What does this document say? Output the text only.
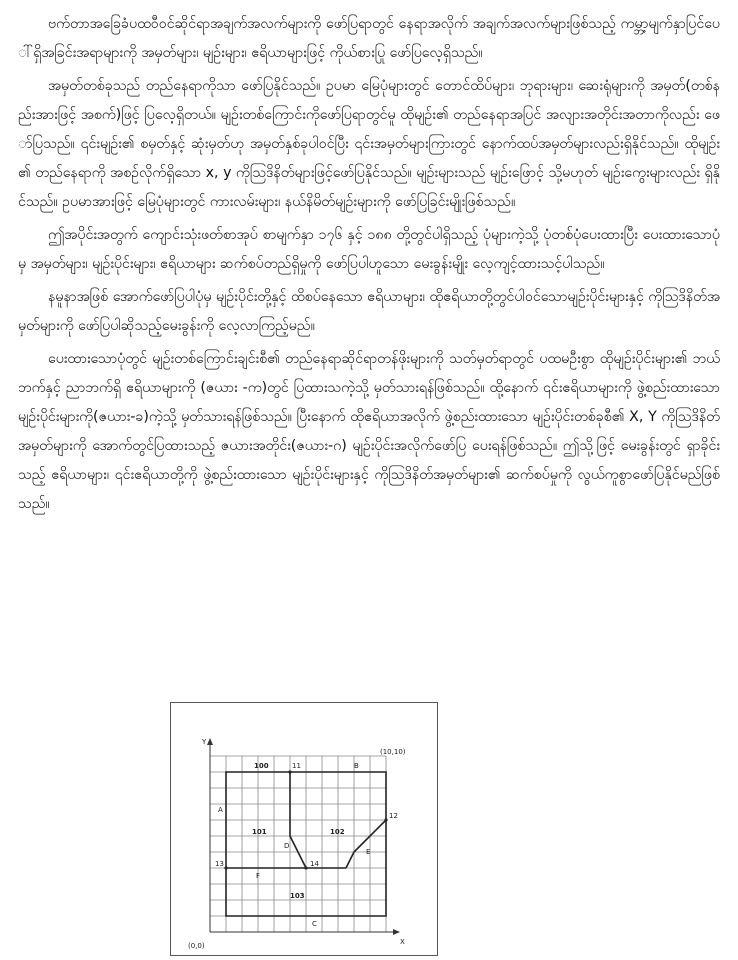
ဗက်တာအခြေခံပထဝီဝင်ဆိုင်ရာအချက်အလက်များကို ဖော်ပြရာတွင် နေရာအလိုက် အချက်အလက်များဖြစ်သည့် ကမ္ဘာ့မျက်နှာပြင်ပေါ်ရှိအခြင်းအရာများကို အမှတ်များ၊ မျဉ်းများ၊ ဧရိယာများဖြင့် ကိုယ်စားပြု ဖော်ပြလေ့ရှိသည်။

အမှတ်တစ်ခုသည် တည်နေရာကိုသာ ဖော်ပြနိုင်သည်။ ဥပမာ မြေပုံများတွင် တောင်ထိပ်များ၊ ဘုရားများ၊ ဆေးရုံများကို အမှတ်(တစ်နည်းအားဖြင့် အစက်)ဖြင့် ပြလေ့ရှိတယ်။ မျဉ်းတစ်ကြောင်းကိုဖော်ပြရာတွင်မူ ထိုမျဉ်း၏ တည်နေရာအပြင် အလျားအတိုင်းအတာကိုလည်း ဖော်ပြသည်။ ၎င်းမျဉ်း၏ စမှတ်နှင့် ဆုံးမှတ်ဟု အမှတ်နှစ်ခုပါဝင်ပြီး ၎င်းအမှတ်များကြားတွင် နောက်ထပ်အမှတ်များလည်းရှိနိုင်သည်။ ထိုမျဉ်း၏ တည်နေရာကို အစဉ်လိုက်ရှိသော x, y ကိုဩဒိနိတ်များဖြင့်ဖော်ပြနိုင်သည်။ မျဉ်းများသည် မျဉ်းဖြောင့် သို့မဟုတ် မျဉ်းကွေးများလည်း ရှိနိုင်သည်။ ဥပမာအားဖြင့် မြေပုံများတွင် ကားလမ်းများ၊ နယ်နိမိတ်မျဉ်းများကို ဖော်ပြခြင်းမျိုးဖြစ်သည်။

ဤအပိုင်းအတွက် ကျောင်းသုံးဖတ်စာအုပ် စာမျက်နှာ ၁၇၆ နှင့် ၁၈၈ တို့တွင်ပါရှိသည့် ပုံများကဲ့သို့ ပုံတစ်ပုံပေးထားပြီး ပေးထားသောပုံမှ အမှတ်များ၊ မျဉ်းပိုင်းများ၊ ဧရိယာများ ဆက်စပ်တည်ရှိမှုကို ဖော်ပြပါဟူသော မေးခွန်းမျိုး လေ့ကျင့်ထားသင့်ပါသည်။

နမူနာအဖြစ် အောက်ဖော်ပြပါပုံမှ မျဉ်းပိုင်းတို့နှင့် ထိစပ်နေသော ဧရိယာများ၊ ထိုဧရိယာတို့တွင်ပါဝင်သောမျဉ်းပိုင်းများနှင့် ကိုဩဒိနိတ်အမှတ်များကို ဖော်ပြပါဆိုသည့်မေးခွန်းကို လေ့လာကြည့်မည်။

ပေးထားသောပုံတွင် မျဉ်းတစ်ကြောင်းချင်းစီ၏ တည်နေရာဆိုင်ရာတန်ဖိုးများကို သတ်မှတ်ရာတွင် ပထမဦးစွာ ထိုမျဉ်းပိုင်းများ၏ ဘယ်ဘက်နှင့် ညာဘက်ရှိ ဧရိယာများကို (ဇယား -က)တွင် ပြထားသကဲ့သို့ မှတ်သားရန်ဖြစ်သည်။ ထို့နောက် ၎င်းဧရိယာများကို ဖွဲ့စည်းထားသော မျဉ်းပိုင်းများကို(ဇယား-ခ)ကဲ့သို့ မှတ်သားရန်ဖြစ်သည်။ ပြီးနောက် ထိုဧရိယာအလိုက် ဖွဲ့စည်းထားသော မျဉ်းပိုင်းတစ်ခုစီ၏ X, Y ကိုဩဒိနိတ်အမှတ်များကို အောက်တွင်ပြထားသည့် ဇယားအတိုင်း(ဇယား-ဂ) မျဉ်းပိုင်းအလိုက်ဖော်ပြ ပေးရန်ဖြစ်သည်။ ဤသို့ဖြင့် မေးခွန်းတွင် ရှာခိုင်းသည့် ဧရိယာများ၊ ၎င်းဧရိယာတို့ကို ဖွဲ့စည်းထားသော မျဉ်းပိုင်းများနှင့် ကိုဩဒိနိတ်အမှတ်များ၏ ဆက်စပ်မှုကို လွယ်ကူစွာဖော်ပြနိုင်မည်ဖြစ်သည်။

Y
X
(0,0)
(10,10)
100
101	102
103
11
12
13	14
A
B
C
D
E
F
